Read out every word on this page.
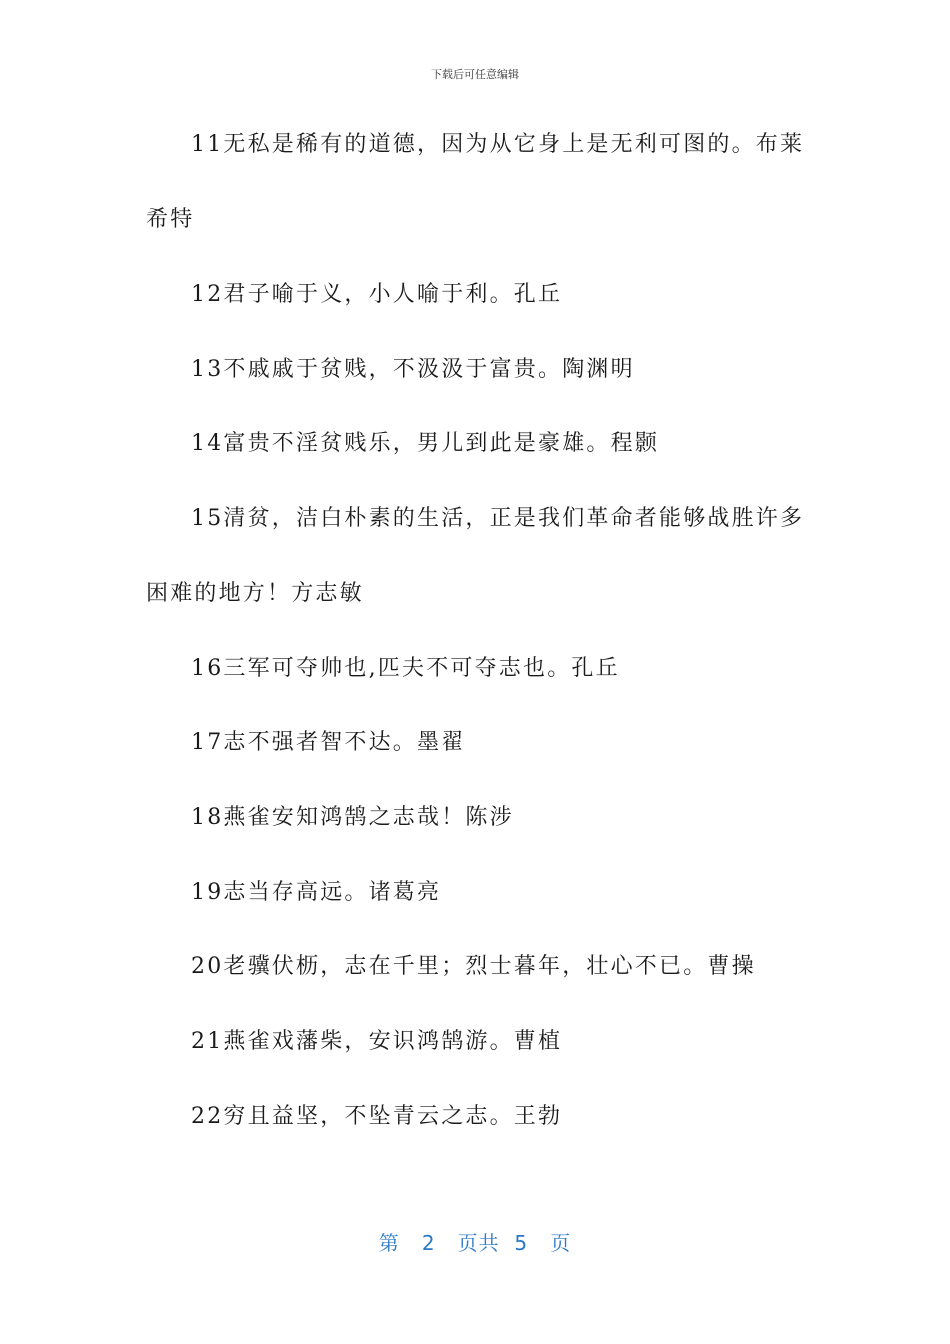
下载后可任意编辑
11无私是稀有的道德，因为从它身上是无利可图的。布莱
希特
12君子喻于义，小人喻于利。孔丘
13不戚戚于贫贱，不汲汲于富贵。陶渊明
14富贵不淫贫贱乐，男儿到此是豪雄。程颢
15清贫，洁白朴素的生活，正是我们革命者能够战胜许多
困难的地方！方志敏
16三军可夺帅也,匹夫不可夺志也。孔丘
17志不强者智不达。墨翟
18燕雀安知鸿鹄之志哉！陈涉
19志当存高远。诸葛亮
20老骥伏枥，志在千里；烈士暮年，壮心不已。曹操
21燕雀戏藩柴，安识鸿鹄游。曹植
22穷且益坚，不坠青云之志。王勃
第 2 页共 5 页
